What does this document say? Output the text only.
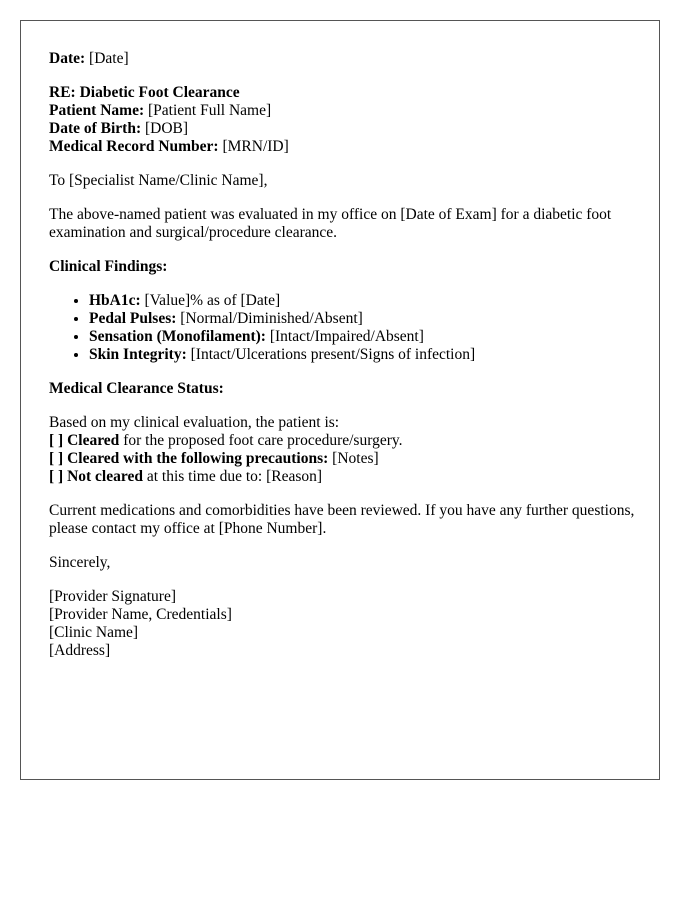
Date: [Date]

RE: Diabetic Foot Clearance
Patient Name: [Patient Full Name]
Date of Birth: [DOB]
Medical Record Number: [MRN/ID]

To [Specialist Name/Clinic Name],

The above-named patient was evaluated in my office on [Date of Exam] for a diabetic foot examination and surgical/procedure clearance.

Clinical Findings:

• HbA1c: [Value]% as of [Date]
• Pedal Pulses: [Normal/Diminished/Absent]
• Sensation (Monofilament): [Intact/Impaired/Absent]
• Skin Integrity: [Intact/Ulcerations present/Signs of infection]

Medical Clearance Status:

Based on my clinical evaluation, the patient is:
[ ] Cleared for the proposed foot care procedure/surgery.
[ ] Cleared with the following precautions: [Notes]
[ ] Not cleared at this time due to: [Reason]

Current medications and comorbidities have been reviewed. If you have any further questions, please contact my office at [Phone Number].

Sincerely,

[Provider Signature]
[Provider Name, Credentials]
[Clinic Name]
[Address]
